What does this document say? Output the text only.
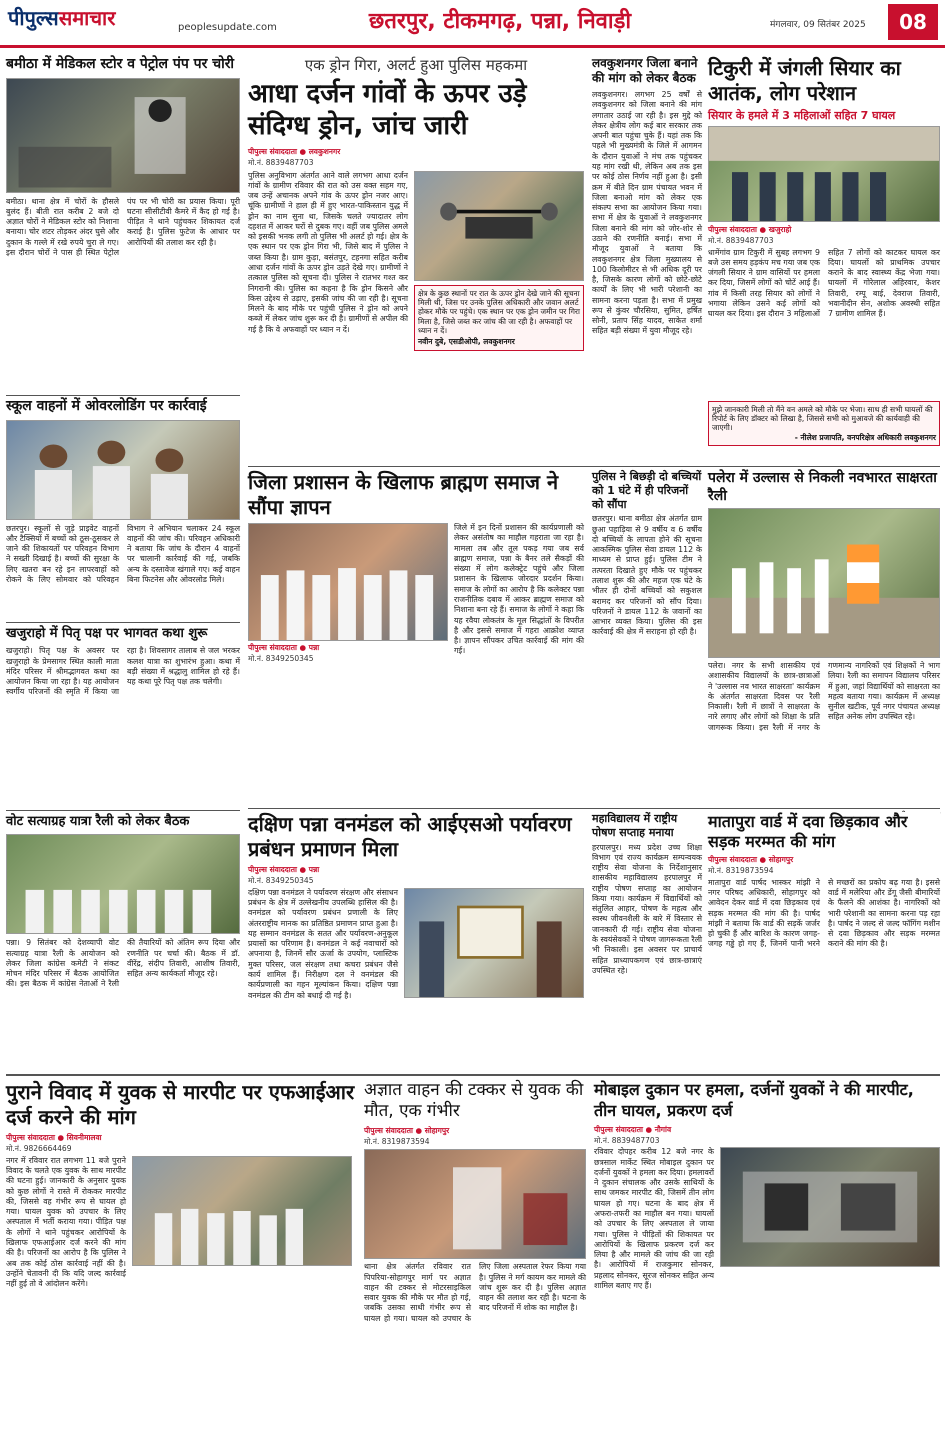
पीपुल्ससमाचार	peoplesupdate.com	छतरपुर, टीकमगढ़, पन्ना, निवाड़ी	मंगलवार, 09 सितंबर 2025	08
बमीठा में मेडिकल स्टोर व पेट्रोल पंप पर चोरी
बमीठा। थाना क्षेत्र में चोरों के हौसले बुलंद हैं। बीती रात करीब 2 बजे दो अज्ञात चोरों ने मेडिकल स्टोर को निशाना बनाया। चोर शटर तोड़कर अंदर घुसे और दुकान के गल्ले में रखे रुपये चुरा ले गए। इस दौरान चोरों ने पास ही स्थित पेट्रोल पंप पर भी चोरी का प्रयास किया। पूरी घटना सीसीटीवी कैमरे में कैद हो गई है। पीड़ित ने थाने पहुंचकर शिकायत दर्ज कराई है। पुलिस फुटेज के आधार पर आरोपियों की तलाश कर रही है।
स्कूल वाहनों में ओवरलोडिंग पर कार्रवाई
छतरपुर। स्कूलों से जुड़े प्राइवेट वाहनों और टैक्सियों में बच्चों को ठूस-ठूसकर ले जाने की शिकायतों पर परिवहन विभाग ने सख्ती दिखाई है। बच्चों की सुरक्षा के लिए खतरा बन रहे इन लापरवाहों को रोकने के लिए सोमवार को परिवहन विभाग ने अभियान चलाकर 24 स्कूल वाहनों की जांच की। परिवहन अधिकारी ने बताया कि जांच के दौरान 4 वाहनों पर चालानी कार्रवाई की गई, जबकि अन्य के दस्तावेज खंगाले गए। कई वाहन बिना फिटनेस और ओवरलोड मिले।
खजुराहो में पितृ पक्ष पर भागवत कथा शुरू
खजुराहो। पितृ पक्ष के अवसर पर खजुराहो के प्रेमसागर स्थित काली माता मंदिर परिसर में श्रीमद्भागवत कथा का आयोजन किया जा रहा है। यह आयोजन स्वर्गीय परिजनों की स्मृति में किया जा रहा है। शिवसागर तालाब से जल भरकर कलश यात्रा का शुभारंभ हुआ। कथा में बड़ी संख्या में श्रद्धालु शामिल हो रहे हैं। यह कथा पूरे पितृ पक्ष तक चलेगी।
वोट सत्याग्रह यात्रा रैली को लेकर बैठक
पन्ना। 9 सितंबर को देशव्यापी वोट सत्याग्रह यात्रा रैली के आयोजन को लेकर जिला कांग्रेस कमेटी ने संकट मोचन मंदिर परिसर में बैठक आयोजित की। इस बैठक में कांग्रेस नेताओं ने रैली की तैयारियों को अंतिम रूप दिया और रणनीति पर चर्चा की। बैठक में डॉ. वीरेंद्र, संदीप तिवारी, आशीष तिवारी, सहित अन्य कार्यकर्ता मौजूद रहे।
एक ड्रोन गिरा, अलर्ट हुआ पुलिस महकमा
आधा दर्जन गांवों के ऊपर उड़े संदिग्ध ड्रोन, जांच जारी
पीपुल्स संवाददाता ● लवकुशनगर
मो.नं. 8839487703
पुलिस अनुविभाग अंतर्गत आने वाले लगभग आधा दर्जन गांवों के ग्रामीण रविवार की रात को उस वक्त सहम गए, जब उन्हें अचानक अपने गांव के ऊपर ड्रोन नजर आए। चूंकि ग्रामीणों ने हाल ही में हुए भारत-पाकिस्तान युद्ध में ड्रोन का नाम सुना था, जिसके चलते ज्यादातर लोग दहशत में आकर घरों से दुबक गए। वहीं जब पुलिस अमले को इसकी भनक लगी तो पुलिस भी अलर्ट हो गई। क्षेत्र के एक स्थान पर एक ड्रोन गिरा भी, जिसे बाद में पुलिस ने जब्त किया है। ग्राम कुड़ा, बसंतपुर, टहनगा सहित करीब आधा दर्जन गांवों के ऊपर ड्रोन उड़ते देखे गए। ग्रामीणों ने तत्काल पुलिस को सूचना दी। पुलिस ने रातभर गश्त कर निगरानी की। पुलिस का कहना है कि ड्रोन किसने और किस उद्देश्य से उड़ाए, इसकी जांच की जा रही है। सूचना मिलने के बाद मौके पर पहुंची पुलिस ने ड्रोन को अपने कब्जे में लेकर जांच शुरू कर दी है। ग्रामीणों से अपील की गई है कि वे अफवाहों पर ध्यान न दें।
क्षेत्र के कुछ स्थानों पर रात के ऊपर ड्रोन देखे जाने की सूचना मिली थी, जिस पर उनके पुलिस अधिकारी और जवान अलर्ट होकर मौके पर पहुंचे। एक स्थान पर एक ड्रोन जमीन पर गिरा मिला है, जिसे जब्त कर जांच की जा रही है। अफवाहों पर ध्यान न दें।
नवीन दुबे, एसडीओपी, लवकुशनगर
लवकुशनगर जिला बनाने की मांग को लेकर बैठक
लवकुशनगर। लगभग 25 वर्षों से लवकुशनगर को जिला बनाने की मांग लगातार उठाई जा रही है। इस मुद्दे को लेकर क्षेत्रीय लोग कई बार सरकार तक अपनी बात पहुंचा चुके हैं। यहां तक कि पहले भी मुख्यमंत्री के जिले में आगमन के दौरान युवाओं ने मंच तक पहुंचकर यह मांग रखी थी, लेकिन अब तक इस पर कोई ठोस निर्णय नहीं हुआ है। इसी क्रम में बीते दिन ग्राम पंचायत भवन में जिला बनाओ मांग को लेकर एक संकल्प सभा का आयोजन किया गया। सभा में क्षेत्र के युवाओं ने लवकुशनगर जिला बनाने की मांग को जोर-शोर से उठाने की रणनीति बनाई। सभा में मौजूद युवाओं ने बताया कि लवकुशनगर क्षेत्र जिला मुख्यालय से 100 किलोमीटर से भी अधिक दूरी पर है, जिसके कारण लोगों को छोटे-छोटे कार्यों के लिए भी भारी परेशानी का सामना करना पड़ता है। सभा में प्रमुख रूप से कुंवर चौरसिया, सुमित, हर्षित सोनी, प्रताप सिंह यादव, साकेत शर्मा सहित बड़ी संख्या में युवा मौजूद रहे।
टिकुरी में जंगली सियार का आतंक, लोग परेशान
सियार के हमले में 3 महिलाओं सहित 7 घायल
पीपुल्स संवाददाता ● खजुराहो
मो.नं. 8839487703
धामेंगांव ग्राम टिकुरी में सुबह लगभग 9 बजे उस समय हड़कंप मच गया जब एक जंगली सियार ने ग्राम वासियों पर हमला कर दिया, जिसमें लोगों को चोटें आई हैं। गांव में किसी तरह सियार को लोगों ने भगाया लेकिन उसने कई लोगों को घायल कर दिया। इस दौरान 3 महिलाओं सहित 7 लोगों को काटकर घायल कर दिया। घायलों को प्राथमिक उपचार कराने के बाद स्वास्थ्य केंद्र भेजा गया। घायलों में गोरेलाल अहिरवार, केशर तिवारी, रम्पू बाई, देवराज तिवारी, भवानीदीन सेन, अशोक अवस्थी सहित 7 ग्रामीण शामिल हैं।
मुझे जानकारी मिली तो मैंने वन अमले को मौके पर भेजा। साथ ही सभी घायलों की रिपोर्ट के लिए डॉक्टर को लिखा है, जिससे सभी को मुआवजे की कार्यवाही की जाएगी।
- नीलेश प्रजापति, वनपरिक्षेत्र अधिकारी लवकुशनगर
जिला प्रशासन के खिलाफ ब्राह्मण समाज ने सौंपा ज्ञापन
पीपुल्स संवाददाता ● पन्ना
मो.नं. 8349250345
जिले में इन दिनों प्रशासन की कार्यप्रणाली को लेकर असंतोष का माहौल गहराता जा रहा है। मामला तब और तूल पकड़ गया जब सर्व ब्राह्मण समाज, पन्ना के बैनर तले सैकड़ों की संख्या में लोग कलेक्ट्रेट पहुंचे और जिला प्रशासन के खिलाफ जोरदार प्रदर्शन किया। समाज के लोगों का आरोप है कि कलेक्टर पन्ना राजनीतिक दबाव में आकर ब्राह्मण समाज को निशाना बना रहे हैं। समाज के लोगों ने कहा कि यह रवैया लोकतंत्र के मूल सिद्धांतों के विपरीत है और इससे समाज में गहरा आक्रोश व्याप्त है। ज्ञापन सौंपकर उचित कार्रवाई की मांग की गई।
पुलिस ने बिछड़ी दो बच्चियों को 1 घंटे में ही परिजनों को सौंपा
छतरपुर। थाना बमीठा क्षेत्र अंतर्गत ग्राम छुआ पहाड़िया से 9 वर्षीय व 6 वर्षीय दो बच्चियों के लापता होने की सूचना आकस्मिक पुलिस सेवा डायल 112 के माध्यम से प्राप्त हुई। पुलिस टीम ने तत्परता दिखाते हुए मौके पर पहुंचकर तलाश शुरू की और महज एक घंटे के भीतर ही दोनों बच्चियों को सकुशल बरामद कर परिजनों को सौंप दिया। परिजनों ने डायल 112 के जवानों का आभार व्यक्त किया। पुलिस की इस कार्रवाई की क्षेत्र में सराहना हो रही है।
पलेरा में उल्लास से निकली नवभारत साक्षरता रैली
पलेरा। नगर के सभी शासकीय एवं अशासकीय विद्यालयों के छात्र-छात्राओं ने 'उल्लास नव भारत साक्षरता' कार्यक्रम के अंतर्गत साक्षरता दिवस पर रैली निकाली। रैली में छात्रों ने साक्षरता के नारे लगाए और लोगों को शिक्षा के प्रति जागरूक किया। इस रैली में नगर के गणमान्य नागरिकों एवं शिक्षकों ने भाग लिया। रैली का समापन विद्यालय परिसर में हुआ, जहां विद्यार्थियों को साक्षरता का महत्व बताया गया। कार्यक्रम में अध्यक्ष सुनील खटीक, पूर्व नगर पंचायत अध्यक्ष सहित अनेक लोग उपस्थित रहे।
दक्षिण पन्ना वनमंडल को आईएसओ पर्यावरण प्रबंधन प्रमाणन मिला
पीपुल्स संवाददाता ● पन्ना
मो.नं. 8349250345
दक्षिण पन्ना वनमंडल ने पर्यावरण संरक्षण और संसाधन प्रबंधन के क्षेत्र में उल्लेखनीय उपलब्धि हासिल की है। वनमंडल को पर्यावरण प्रबंधन प्रणाली के लिए अंतरराष्ट्रीय मानक का प्रतिष्ठित प्रमाणन प्राप्त हुआ है। यह सम्मान वनमंडल के सतत और पर्यावरण-अनुकूल प्रयासों का परिणाम है। वनमंडल ने कई नवाचारों को अपनाया है, जिनमें सौर ऊर्जा के उपयोग, प्लास्टिक मुक्त परिसर, जल संरक्षण तथा कचरा प्रबंधन जैसे कार्य शामिल हैं। निरीक्षण दल ने वनमंडल की कार्यप्रणाली का गहन मूल्यांकन किया। दक्षिण पन्ना वनमंडल की टीम को बधाई दी गई है।
महाविद्यालय में राष्ट्रीय पोषण सप्ताह मनाया
हरपालपुर। मध्य प्रदेश उच्च शिक्षा विभाग एवं राज्य कार्यक्रम सम्पन्वयक राष्ट्रीय सेवा योजना के निर्देशानुसार शासकीय महाविद्यालय हरपालपुर में राष्ट्रीय पोषण सप्ताह का आयोजन किया गया। कार्यक्रम में विद्यार्थियों को संतुलित आहार, पोषण के महत्व और स्वस्थ जीवनशैली के बारे में विस्तार से जानकारी दी गई। राष्ट्रीय सेवा योजना के स्वयंसेवकों ने पोषण जागरूकता रैली भी निकाली। इस अवसर पर प्राचार्य सहित प्राध्यापकगण एवं छात्र-छात्राएं उपस्थित रहे।
मातापुरा वार्ड में दवा छिड़काव और सड़क मरम्मत की मांग
पीपुल्स संवाददाता ● सोहागपुर
मो.नं. 8319873594
मातापुरा वार्ड पार्षद भास्कर मांझी ने नगर परिषद अधिकारी, सोहागपुर को आवेदन देकर वार्ड में दवा छिड़काव एवं सड़क मरम्मत की मांग की है। पार्षद मांझी ने बताया कि वार्ड की सड़कें जर्जर हो चुकी हैं और बारिश के कारण जगह-जगह गड्ढे हो गए हैं, जिनमें पानी भरने से मच्छरों का प्रकोप बढ़ गया है। इससे वार्ड में मलेरिया और डेंगू जैसी बीमारियों के फैलने की आशंका है। नागरिकों को भारी परेशानी का सामना करना पड़ रहा है। पार्षद ने जल्द से जल्द फॉगिंग मशीन से दवा छिड़काव और सड़क मरम्मत कराने की मांग की है।
पुराने विवाद में युवक से मारपीट पर एफआईआर दर्ज करने की मांग
पीपुल्स संवाददाता ● सिवनीमालवा
मो.नं. 9826664469
नगर में रविवार रात लगभग 11 बजे पुराने विवाद के चलते एक युवक के साथ मारपीट की घटना हुई। जानकारी के अनुसार युवक को कुछ लोगों ने रास्ते में रोककर मारपीट की, जिससे वह गंभीर रूप से घायल हो गया। घायल युवक को उपचार के लिए अस्पताल में भर्ती कराया गया। पीड़ित पक्ष के लोगों ने थाने पहुंचकर आरोपियों के खिलाफ एफआईआर दर्ज करने की मांग की है। परिजनों का आरोप है कि पुलिस ने अब तक कोई ठोस कार्रवाई नहीं की है। उन्होंने चेतावनी दी कि यदि जल्द कार्रवाई नहीं हुई तो वे आंदोलन करेंगे।
अज्ञात वाहन की टक्कर से युवक की मौत, एक गंभीर
पीपुल्स संवाददाता ● सोहागपुर
मो.नं. 8319873594
थाना क्षेत्र अंतर्गत रविवार रात पिपरिया-सोहागपुर मार्ग पर अज्ञात वाहन की टक्कर से मोटरसाइकिल सवार युवक की मौके पर मौत हो गई, जबकि उसका साथी गंभीर रूप से घायल हो गया। घायल को उपचार के लिए जिला अस्पताल रेफर किया गया है। पुलिस ने मर्ग कायम कर मामले की जांच शुरू कर दी है। पुलिस अज्ञात वाहन की तलाश कर रही है। घटना के बाद परिजनों में शोक का माहौल है।
मोबाइल दुकान पर हमला, दर्जनों युवकों ने की मारपीट, तीन घायल, प्रकरण दर्ज
पीपुल्स संवाददाता ● नौगांव
मो.नं. 8839487703
रविवार दोपहर करीब 12 बजे नगर के छत्रसाल मार्केट स्थित मोबाइल दुकान पर दर्जनों युवकों ने हमला कर दिया। हमलावरों ने दुकान संचालक और उसके साथियों के साथ जमकर मारपीट की, जिसमें तीन लोग घायल हो गए। घटना के बाद क्षेत्र में अफरा-तफरी का माहौल बन गया। घायलों को उपचार के लिए अस्पताल ले जाया गया। पुलिस ने पीड़ितों की शिकायत पर आरोपियों के खिलाफ प्रकरण दर्ज कर लिया है और मामले की जांच की जा रही है। आरोपियों में राजकुमार सोनकर, प्रहलाद सोनकर, सूरज सोनकर सहित अन्य शामिल बताए गए हैं।
